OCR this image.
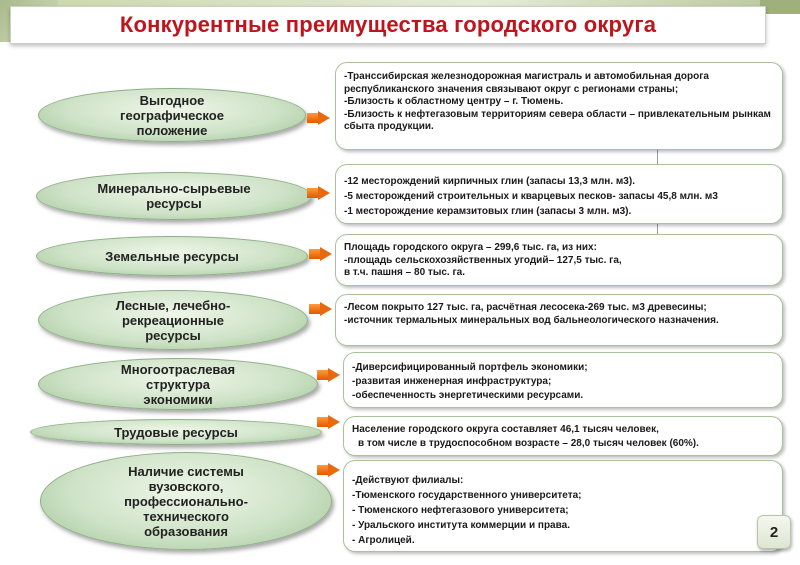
Конкурентные преимущества городского округа
Выгодное
географическое
положение

-Транссибирская железнодорожная магистраль и автомобильная дорога республиканского значения связывают округ с регионами страны;

-Близость к областному центру – г. Тюмень.

-Близость к нефтегазовым территориям севера области – привлекательным рынкам сбыта продукции.

Минерально-сырьевые
ресурсы

-12 месторождений кирпичных глин (запасы 13,3 млн. м3).

-5 месторождений строительных и кварцевых песков- запасы 45,8 млн. м3

-1 месторождение керамзитовых глин (запасы 3 млн. м3).

Земельные ресурсы

Площадь городского округа – 299,6 тыс. га, из них:

-площадь сельскохозяйственных угодий– 127,5 тыс. га,

в т.ч. пашня – 80 тыс. га.

Лесные, лечебно-
рекреационные
ресурсы

-Лесом покрыто 127 тыс. га, расчётная лесосека-269 тыс. м3 древесины;

-источник термальных минеральных вод бальнеологического назначения.

Многоотраслевая
структура
экономики

-Диверсифицированный портфель экономики;

-развитая инженерная инфраструктура;

-обеспеченность энергетическими ресурсами.

Трудовые ресурсы	Население городского округа составляет 46,1 тысяч человек,

в том числе в трудоспособном возрасте – 28,0 тысяч человек (60%).

Наличие системы
вузовского,
профессионально-
технического
образования

-Действуют филиалы:

-Тюменского государственного университета;

- Тюменского нефтегазового университета;

- Уральского института коммерции и права.

- Агролицей.	2
